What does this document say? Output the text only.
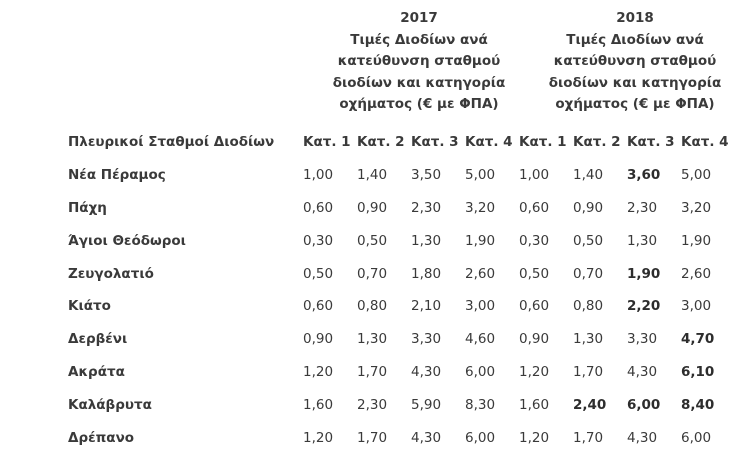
2017
Τιμές Διοδίων ανά
κατεύθυνση σταθμού
διοδίων και κατηγορία
οχήματος (€ με ΦΠΑ)
2018
Τιμές Διοδίων ανά
κατεύθυνση σταθμού
διοδίων και κατηγορία
οχήματος (€ με ΦΠΑ)
Πλευρικοί Σταθμοί Διοδίων	Κατ. 1	Κατ. 2	Κατ. 3	Κατ. 4	Κατ. 1	Κατ. 2	Κατ. 3	Κατ. 4
Νέα Πέραμος	1,00	1,40	3,50	5,00	1,00	1,40	3,60	5,00
Πάχη	0,60	0,90	2,30	3,20	0,60	0,90	2,30	3,20
Άγιοι Θεόδωροι	0,30	0,50	1,30	1,90	0,30	0,50	1,30	1,90
Ζευγολατιό	0,50	0,70	1,80	2,60	0,50	0,70	1,90	2,60
Κιάτο	0,60	0,80	2,10	3,00	0,60	0,80	2,20	3,00
Δερβένι	0,90	1,30	3,30	4,60	0,90	1,30	3,30	4,70
Ακράτα	1,20	1,70	4,30	6,00	1,20	1,70	4,30	6,10
Καλάβρυτα	1,60	2,30	5,90	8,30	1,60	2,40	6,00	8,40
Δρέπανο	1,20	1,70	4,30	6,00	1,20	1,70	4,30	6,00
